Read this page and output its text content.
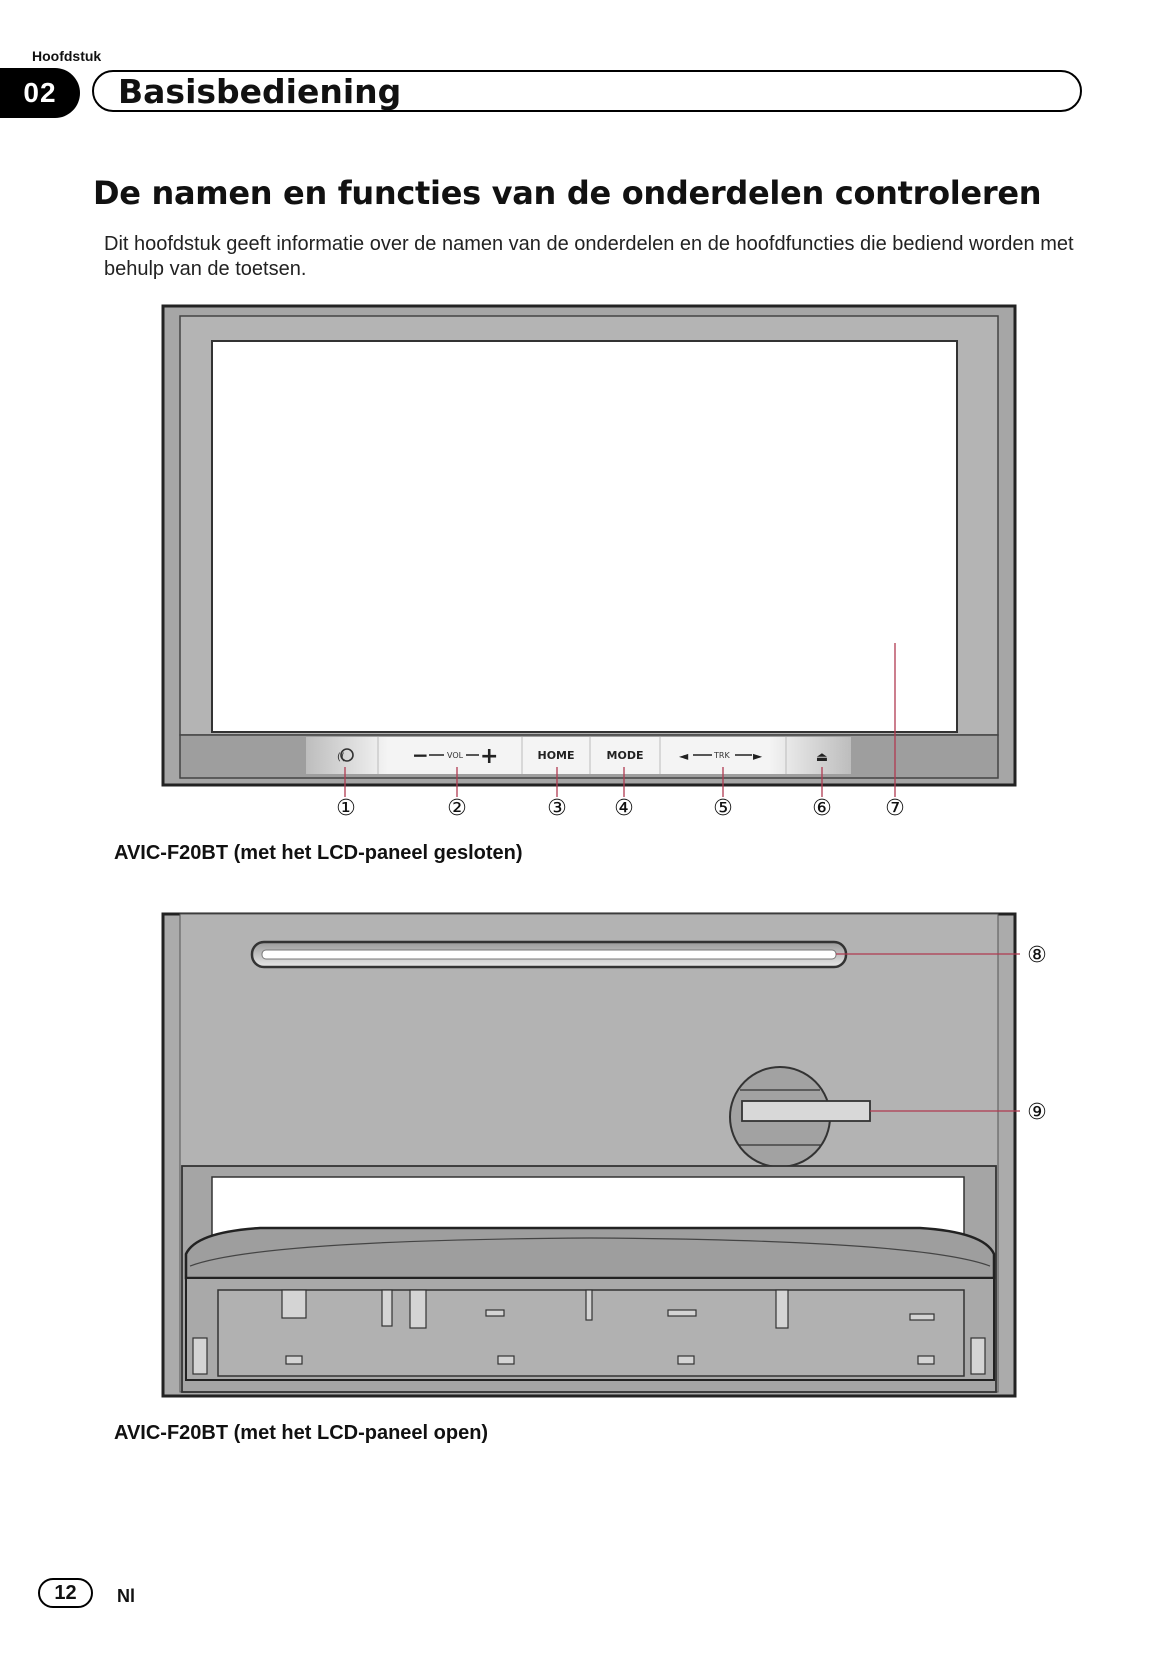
Hoofdstuk
02	Basisbediening
De namen en functies van de onderdelen controleren
Dit hoofdstuk geeft informatie over de namen van de onderdelen en de hoofdfuncties die bediend worden met behulp van de toetsen.
((	− VOL +	HOME	MODE	◄	TRK ►	⏏
①	②	③ ④	⑤	⑥ ⑦
⑧
⑨
AVIC-F20BT (met het LCD-paneel gesloten)
AVIC-F20BT (met het LCD-paneel open)
12	Nl
